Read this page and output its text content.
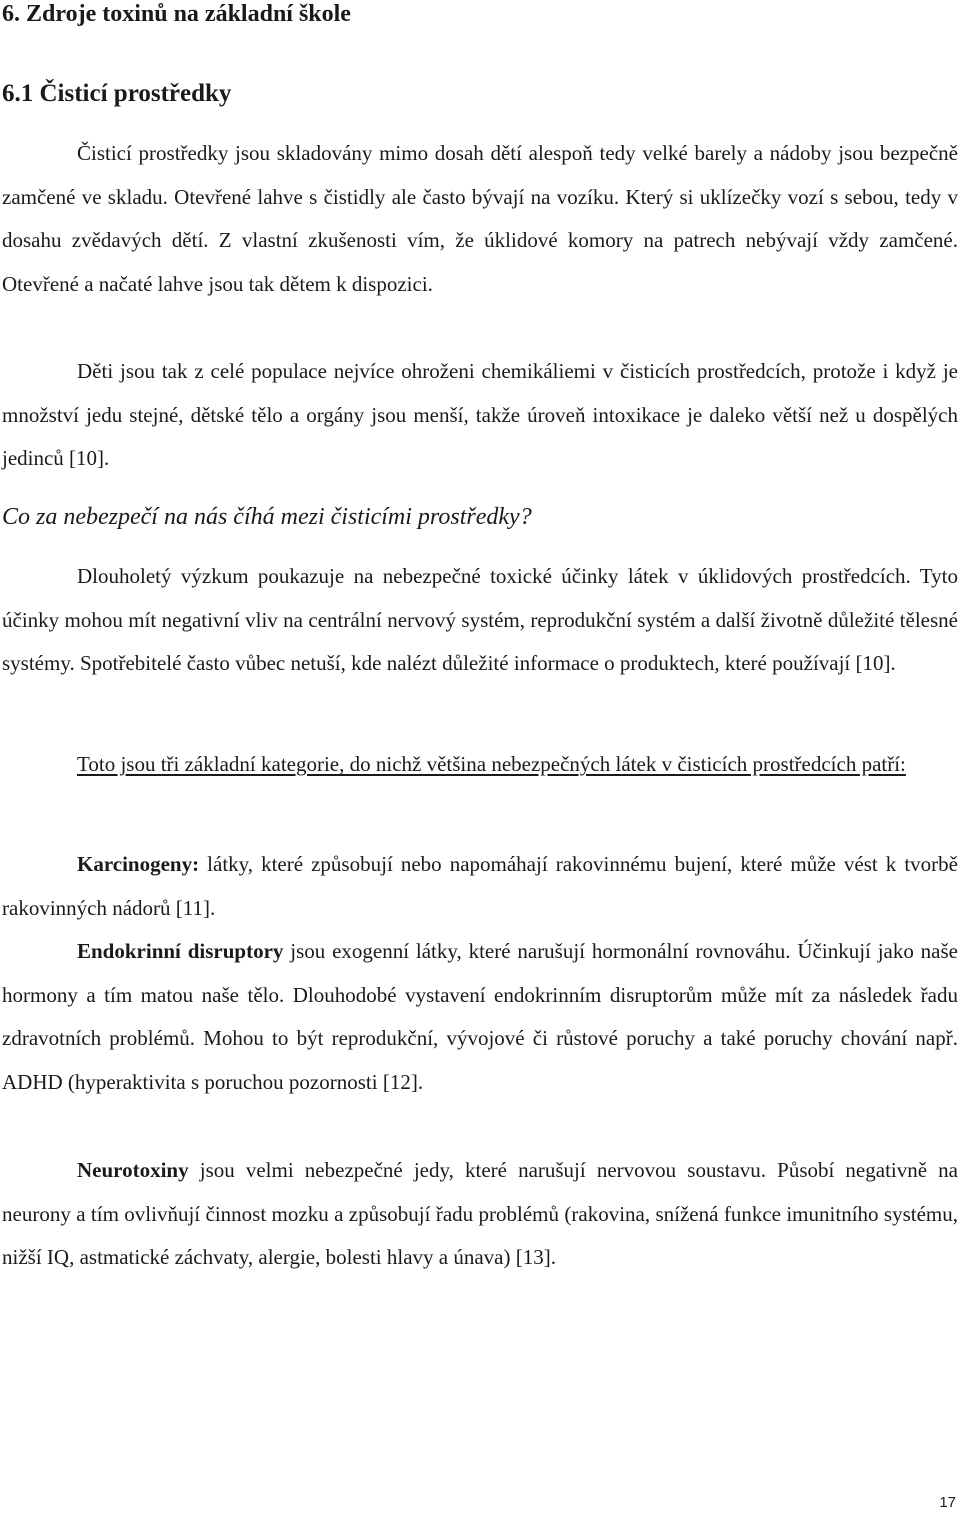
6. Zdroje toxinů na základní škole
6.1 Čisticí prostředky

Čisticí prostředky jsou skladovány mimo dosah dětí alespoň tedy velké barely a nádoby jsou bezpečně zamčené ve skladu. Otevřené lahve s čistidly ale často bývají na vozíku. Který si uklízečky vozí s sebou, tedy v dosahu zvědavých dětí. Z vlastní zkušenosti vím, že úklidové komory na patrech nebývají vždy zamčené. Otevřené a načaté lahve jsou tak dětem k dispozici.

Děti jsou tak z celé populace nejvíce ohroženi chemikáliemi v čisticích prostředcích, protože i když je množství jedu stejné, dětské tělo a orgány jsou menší, takže úroveň intoxikace je daleko větší než u dospělých jedinců [10].

Co za nebezpečí na nás číhá mezi čisticími prostředky?

Dlouholetý výzkum poukazuje na nebezpečné toxické účinky látek v úklidových prostředcích. Tyto účinky mohou mít negativní vliv na centrální nervový systém, reprodukční systém a další životně důležité tělesné systémy. Spotřebitelé často vůbec netuší, kde nalézt důležité informace o produktech, které používají [10].

Toto jsou tři základní kategorie, do nichž většina nebezpečných látek v čisticích prostředcích patří:

Karcinogeny: látky, které způsobují nebo napomáhají rakovinnému bujení, které může vést k tvorbě rakovinných nádorů [11].

Endokrinní disruptory jsou exogenní látky, které narušují hormonální rovnováhu. Účinkují jako naše hormony a tím matou naše tělo. Dlouhodobé vystavení endokrinním disruptorům může mít za následek řadu zdravotních problémů. Mohou to být reprodukční, vývojové či růstové poruchy a také poruchy chování např. ADHD (hyperaktivita s poruchou pozornosti [12].

Neurotoxiny jsou velmi nebezpečné jedy, které narušují nervovou soustavu. Působí negativně na neurony a tím ovlivňují činnost mozku a způsobují řadu problémů (rakovina, snížená funkce imunitního systému, nižší IQ, astmatické záchvaty, alergie, bolesti hlavy a únava) [13].

17
